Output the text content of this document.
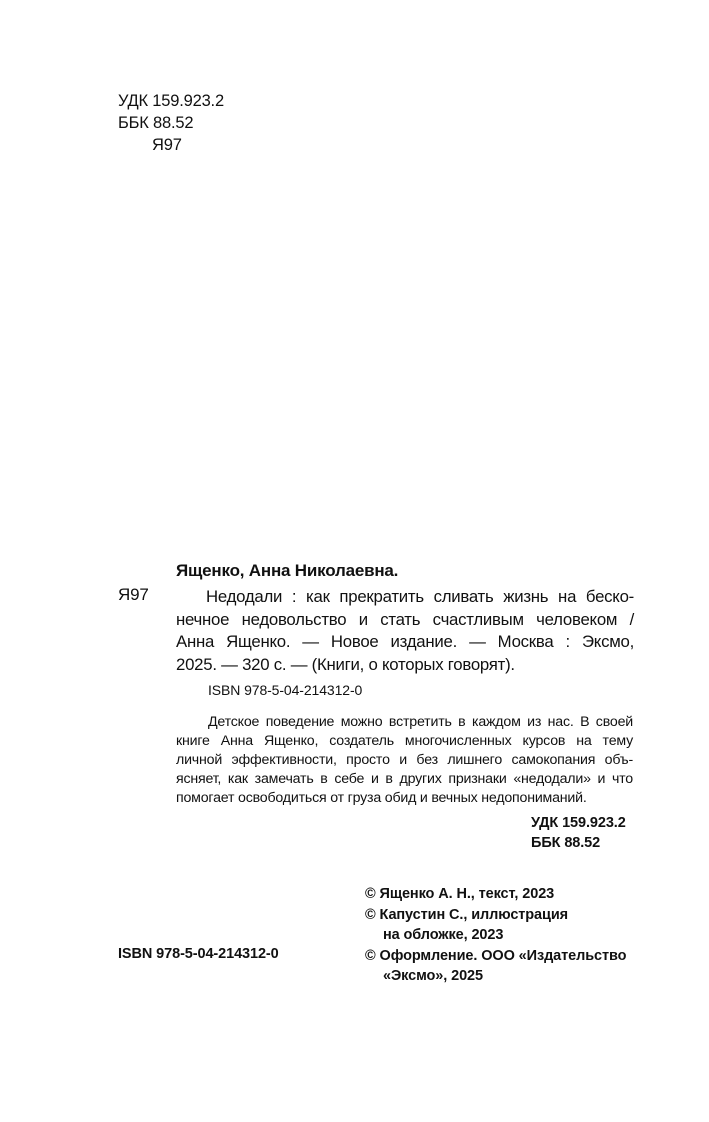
УДК 159.923.2
ББК 88.52
Я97
Ященко, Анна Николаевна.
Я97	Недодали : как прекратить сливать жизнь на беско-
нечное недовольство и стать счастливым человеком /
Анна Ященко. — Новое издание. — Москва : Эксмо,
2025. — 320 с. — (Книги, о которых говорят).
ISBN 978-5-04-214312-0
Детское поведение можно встретить в каждом из нас. В своей
книге Анна Ященко, создатель многочисленных курсов на тему
личной эффективности, просто и без лишнего самокопания объ-
ясняет, как замечать в себе и в других признаки «недодали» и что
помогает освободиться от груза обид и вечных недопониманий.
УДК 159.923.2
ББК 88.52
© Ященко А. Н., текст, 2023
© Капустин С., иллюстрация
на обложке, 2023
© Оформление. ООО «Издательство
«Эксмо», 2025
ISBN 978-5-04-214312-0
